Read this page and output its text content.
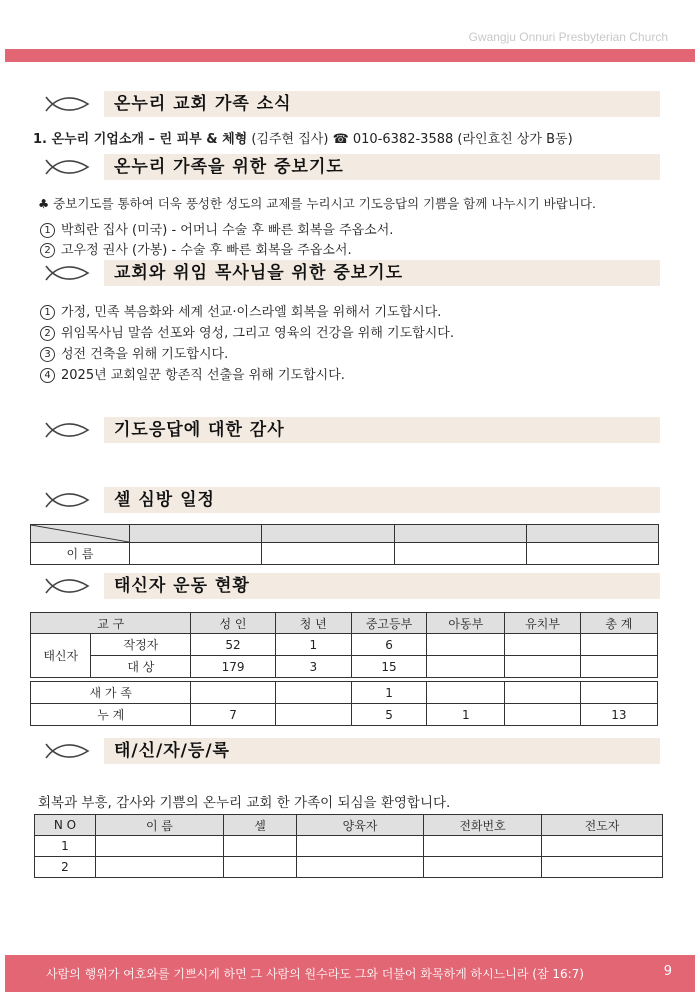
Gwangju Onnuri Presbyterian Church
온누리 교회 가족 소식
1. 온누리 기업소개 – 린 피부 & 체형 (김주현 집사) ☎ 010-6382-3588 (라인효친 상가 B동)
온누리 가족을 위한 중보기도
♣ 중보기도를 통하여 더욱 풍성한 성도의 교제를 누리시고 기도응답의 기쁨을 함께 나누시기 바랍니다.
1 박희란 집사 (미국) - 어머니 수술 후 빠른 회복을 주옵소서.
2 고우정 권사 (가봉) - 수술 후 빠른 회복을 주옵소서.
교회와 위임 목사님을 위한 중보기도
1 가정, 민족 복음화와 세계 선교·이스라엘 회복을 위해서 기도합시다.
2 위임목사님 말씀 선포와 영성, 그리고 영육의 건강을 위해 기도합시다.
3 성전 건축을 위해 기도합시다.
4 2025년 교회일꾼 항존직 선출을 위해 기도합시다.
기도응답에 대한 감사
셀 심방 일정

이 름				
태신자 운동 현황
교 구		성 인	청 년	중고등부	아동부	유치부	총 계
태신자	작정자	52	1	6			
	대 상	179	3	15			

새 가 족				1			
누 계		7		5	1		13
태/신/자/등/록
회복과 부흥, 감사와 기쁨의 온누리 교회 한 가족이 되심을 환영합니다.
N O	이 름	셀	양육자	전화번호	전도자
1					
2					
사람의 행위가 여호와를 기쁘시게 하면 그 사람의 원수라도 그와 더불어 화목하게 하시느니라 (잠 16:7)	9
